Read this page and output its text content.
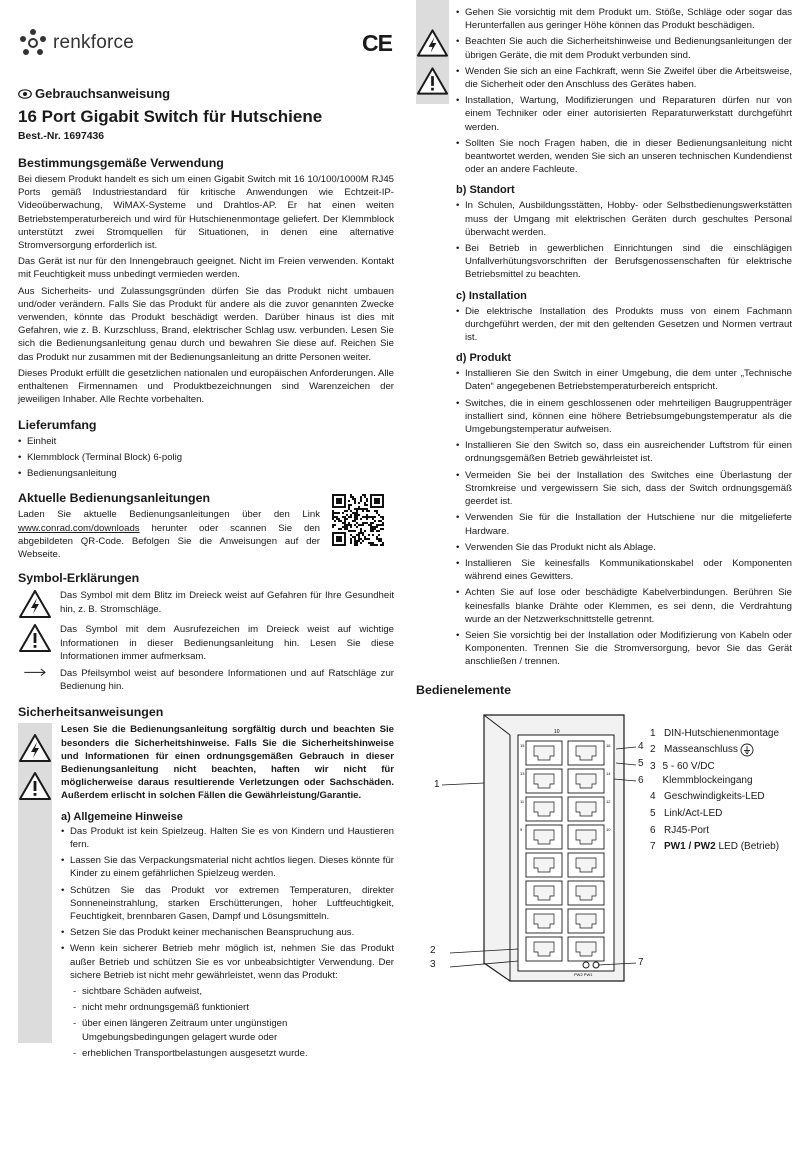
renkforce
Gebrauchsanweisung
16 Port Gigabit Switch für Hutschiene
Best.-Nr. 1697436
Bestimmungsgemäße Verwendung

Bei diesem Produkt handelt es sich um einen Gigabit Switch mit 16 10/100/1000M RJ45 Ports gemäß Industriestandard für kritische Anwendungen wie Echtzeit-IP-Videoüberwachung, WiMAX-Systeme und Drahtlos-AP. Er hat einen weiten Betriebstemperaturbereich und wird für Hutschienenmontage geliefert. Der Klemmblock unterstützt zwei Stromquellen für Situationen, in denen eine alternative Stromversorgung erforderlich ist.

Das Gerät ist nur für den Innengebrauch geeignet. Nicht im Freien verwenden. Kontakt mit Feuchtigkeit muss unbedingt vermieden werden.

Aus Sicherheits- und Zulassungsgründen dürfen Sie das Produkt nicht umbauen und/oder verändern. Falls Sie das Produkt für andere als die zuvor genannten Zwecke verwenden, könnte das Produkt beschädigt werden. Darüber hinaus ist dies mit Gefahren, wie z. B. Kurzschluss, Brand, elektrischer Schlag usw. verbunden. Lesen Sie sich die Bedienungsanleitung genau durch und bewahren Sie diese auf. Reichen Sie das Produkt nur zusammen mit der Bedienungsanleitung an dritte Personen weiter.

Dieses Produkt erfüllt die gesetzlichen nationalen und europäischen Anforderungen. Alle enthaltenen Firmennamen und Produktbezeichnungen sind Warenzeichen der jeweiligen Inhaber. Alle Rechte vorbehalten.

Lieferumfang
• Einheit
• Klemmblock (Terminal Block) 6-polig
• Bedienungsanleitung
Aktuelle Bedienungsanleitungen

Laden Sie aktuelle Bedienungsanleitungen über den Link www.conrad.com/downloads herunter oder scannen Sie den abgebildeten QR-Code. Befolgen Sie die Anweisungen auf der Webseite.

Symbol-Erklärungen

Das Symbol mit dem Blitz im Dreieck weist auf Gefahren für Ihre Gesundheit hin, z. B. Stromschläge.

Das Symbol mit dem Ausrufezeichen im Dreieck weist auf wichtige Informationen in dieser Bedienungsanleitung hin. Lesen Sie diese Informationen immer aufmerksam.

Das Pfeilsymbol weist auf besondere Informationen und auf Ratschläge zur Bedienung hin.

Sicherheitsanweisungen

Lesen Sie die Bedienungsanleitung sorgfältig durch und beachten Sie besonders die Sicherheitshinweise. Falls Sie die Sicherheitshinweise und Informationen für einen ordnungsgemäßen Gebrauch in dieser Bedienungsanleitung nicht beachten, haften wir nicht für möglicherweise daraus resultierende Verletzungen oder Sachschäden. Außerdem erlischt in solchen Fällen die Gewährleistung/Garantie.

a) Allgemeine Hinweise
• Das Produkt ist kein Spielzeug. Halten Sie es von Kindern und Haustieren fern.
• Lassen Sie das Verpackungsmaterial nicht achtlos liegen. Dieses könnte für Kinder zu einem gefährlichen Spielzeug werden.
• Schützen Sie das Produkt vor extremen Temperaturen, direkter Sonneneinstrahlung, starken Erschütterungen, hoher Luftfeuchtigkeit, Feuchtigkeit, brennbaren Gasen, Dampf und Lösungsmitteln.
• Setzen Sie das Produkt keiner mechanischen Beanspruchung aus.
• Wenn kein sicherer Betrieb mehr möglich ist, nehmen Sie das Produkt außer Betrieb und schützen Sie es vor unbeabsichtigter Verwendung. Der sichere Betrieb ist nicht mehr gewährleistet, wenn das Produkt:
- sichtbare Schäden aufweist,
- nicht mehr ordnungsgemäß funktioniert
- über einen längeren Zeitraum unter ungünstigen Umgebungsbedingungen gelagert wurde oder
- erheblichen Transportbelastungen ausgesetzt wurde.
CE
• Gehen Sie vorsichtig mit dem Produkt um. Stöße, Schläge oder sogar das Herunterfallen aus geringer Höhe können das Produkt beschädigen.
• Beachten Sie auch die Sicherheitshinweise und Bedienungsanleitungen der übrigen Geräte, die mit dem Produkt verbunden sind.
• Wenden Sie sich an eine Fachkraft, wenn Sie Zweifel über die Arbeitsweise, die Sicherheit oder den Anschluss des Gerätes haben.
• Installation, Wartung, Modifizierungen und Reparaturen dürfen nur von einem Techniker oder einer autorisierten Reparaturwerkstatt durchgeführt werden.
• Sollten Sie noch Fragen haben, die in dieser Bedienungsanleitung nicht beantwortet werden, wenden Sie sich an unseren technischen Kundendienst oder an andere Fachleute.
b) Standort
• In Schulen, Ausbildungsstätten, Hobby- oder Selbstbedienungswerkstätten muss der Umgang mit elektrischen Geräten durch geschultes Personal überwacht werden.
• Bei Betrieb in gewerblichen Einrichtungen sind die einschlägigen Unfallverhütungsvorschriften der Berufsgenossenschaften für elektrische Betriebsmittel zu beachten.
c) Installation
• Die elektrische Installation des Produkts muss von einem Fachmann durchgeführt werden, der mit den geltenden Gesetzen und Normen vertraut ist.
d) Produkt
• Installieren Sie den Switch in einer Umgebung, die dem unter „Technische Daten“ angegebenen Betriebstemperaturbereich entspricht.
• Switches, die in einem geschlossenen oder mehrteiligen Baugruppenträger installiert sind, können eine höhere Betriebsumgebungstemperatur als die Umgebungstemperatur aufweisen.
• Installieren Sie den Switch so, dass ein ausreichender Luftstrom für einen ordnungsgemäßen Betrieb gewährleistet ist.
• Vermeiden Sie bei der Installation des Switches eine Überlastung der Stromkreise und vergewissern Sie sich, dass der Switch ordnungsgemäß geerdet ist.
• Verwenden Sie für die Installation der Hutschiene nur die mitgelieferte Hardware.
• Verwenden Sie das Produkt nicht als Ablage.
• Installieren Sie keinesfalls Kommunikationskabel oder Komponenten während eines Gewitters.
• Achten Sie auf lose oder beschädigte Kabelverbindungen. Berühren Sie keinesfalls blanke Drähte oder Klemmen, es sei denn, die Verdrahtung wurde an der Netzwerkschnittstelle getrennt.
• Seien Sie vorsichtig bei der Installation oder Modifizierung von Kabeln oder Komponenten. Trennen Sie die Stromversorgung, bevor Sie das Gerät anschließen / trennen.
Bedienelemente
15	16
13	14
11	12
9	10
10
PW2 PW1
1
4
5
6
2
3	7
1 DIN-Hutschienenmontage
2 Masseanschluss
3 5 - 60 V/DC Klemmblockeingang
4 Geschwindigkeits-LED
5 Link/Act-LED
6 RJ45-Port
7 PW1 / PW2 LED (Betrieb)
